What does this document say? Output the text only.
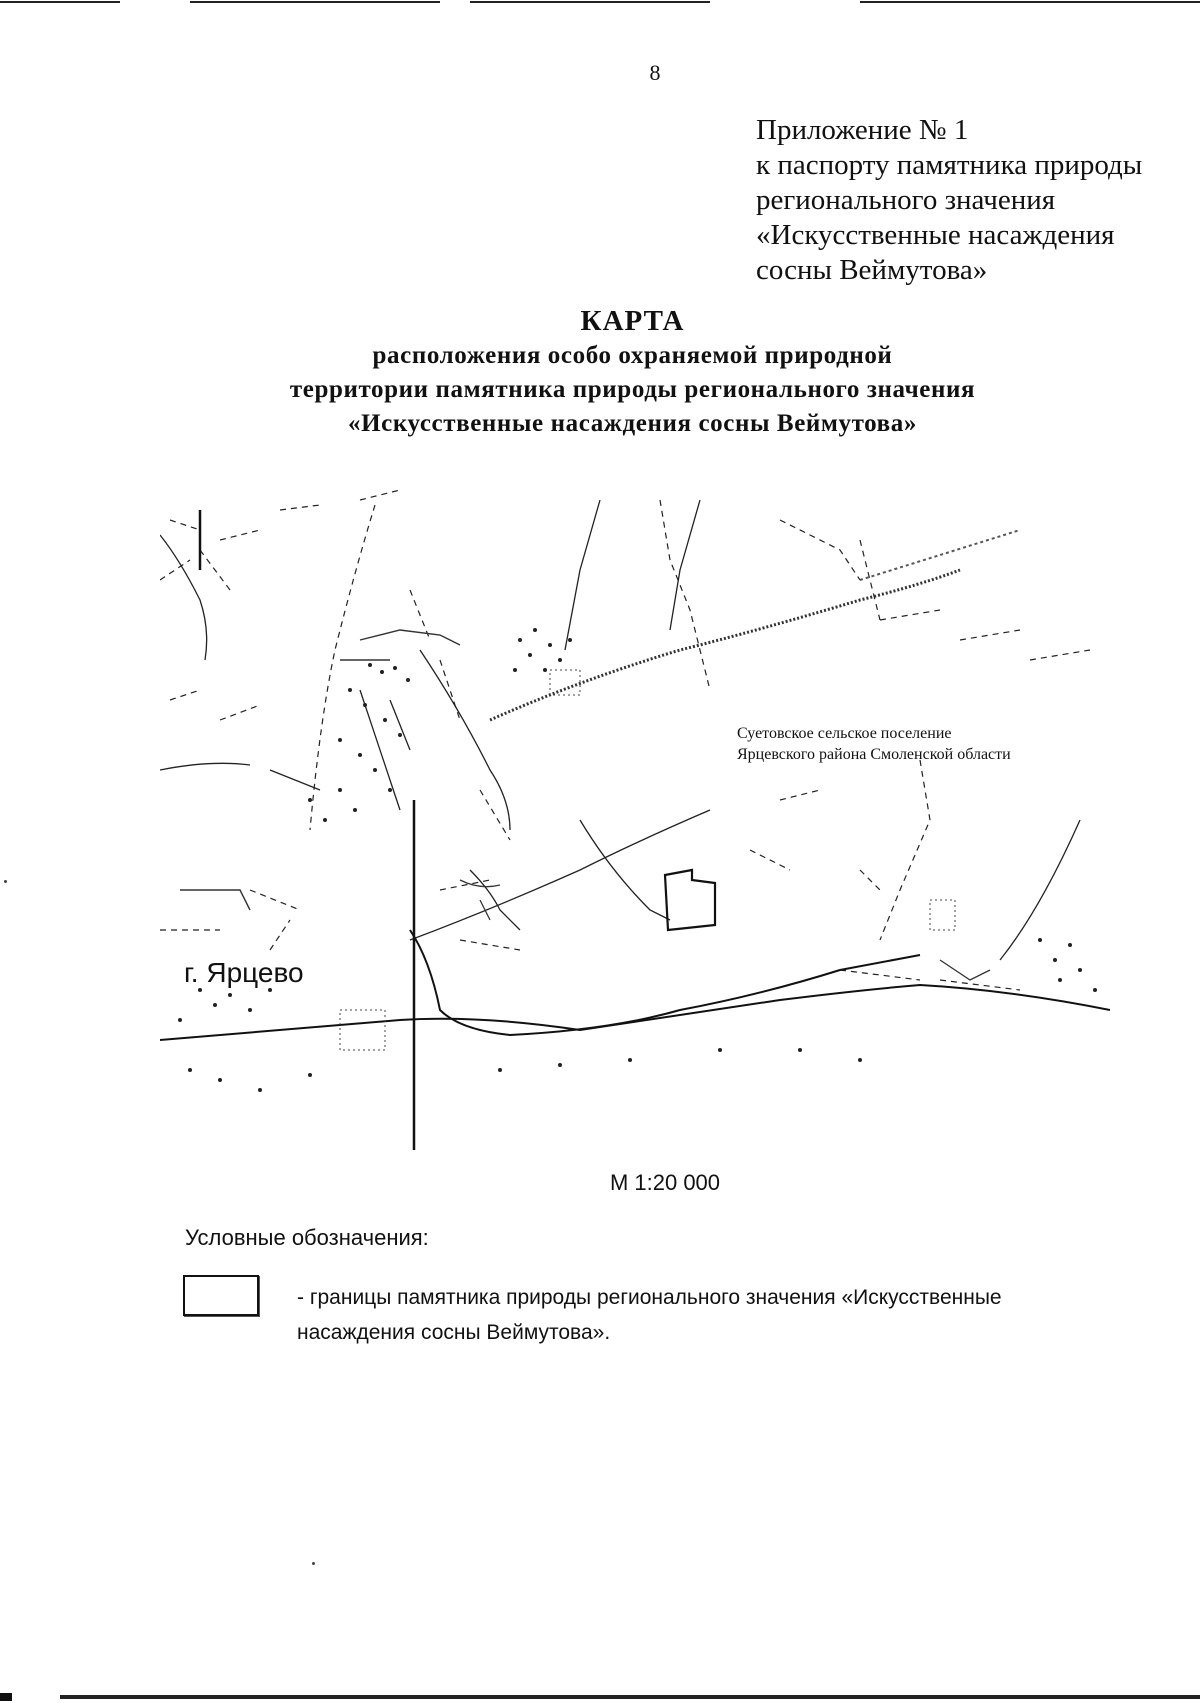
8
Приложение № 1
к паспорту памятника природы
регионального значения
«Искусственные насаждения
сосны Веймутова»
КАРТА
расположения особо охраняемой природной
территории памятника природы регионального значения
«Искусственные насаждения сосны Веймутова»
Суетовское сельское поселение
Ярцевского района Смоленской области
г. Ярцево
М 1:20 000
Условные обозначения:
- границы памятника природы регионального значения «Искусственные насаждения сосны Веймутова».
